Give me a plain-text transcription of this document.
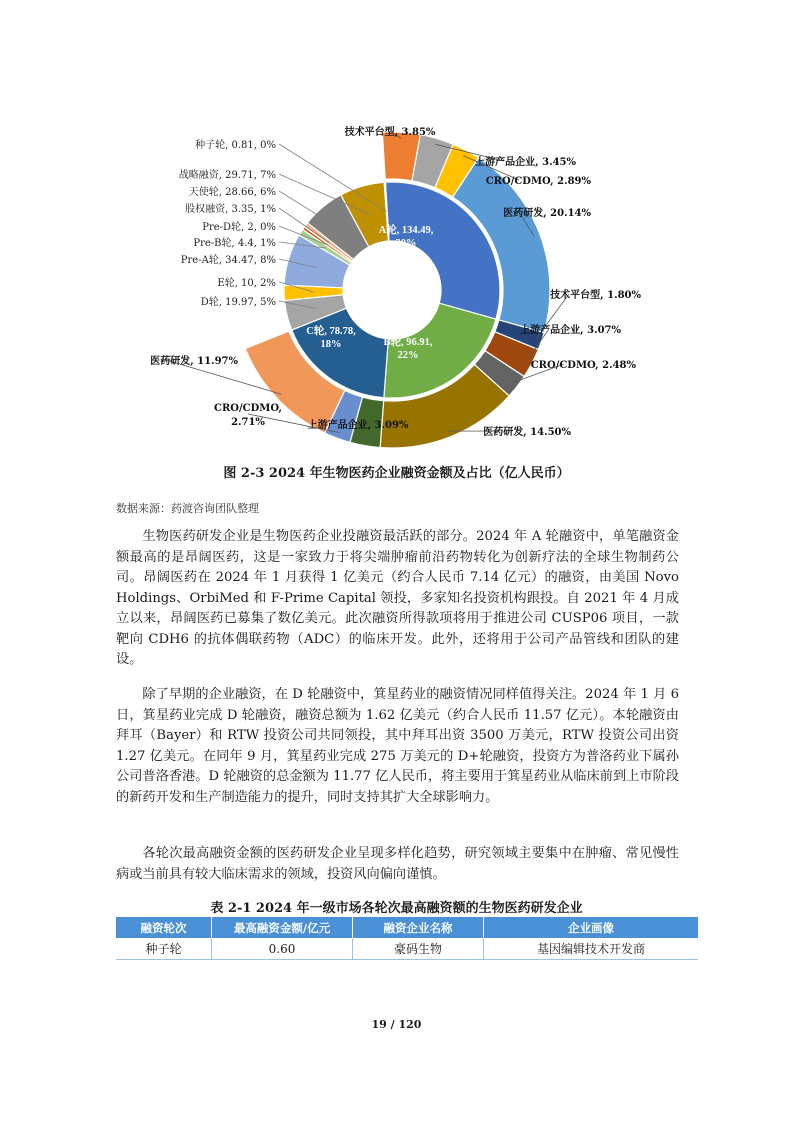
A轮, 134.49,
30%
B轮, 96.91,
22%
C轮, 78.78,
18%
D轮, 19.97, 5%
E轮, 10, 2%
Pre-A轮, 34.47, 8%
Pre-B轮, 4.4, 1%
Pre-D轮, 2, 0%
股权融资, 3.35, 1%
天使轮, 28.66, 6%
战略融资, 29.71, 7%
种子轮, 0.81, 0%
技术平台型, 3.85%
上游产品企业, 3.45%
CRO/CDMO, 2.89%
医药研发, 20.14%
技术平台型, 1.80%
上游产品企业, 3.07%
CRO/CDMO, 2.48%
医药研发, 14.50%
上游产品企业, 3.09%
CRO/CDMO,
2.71%
医药研发, 11.97%
图 2-3 2024 年生物医药企业融资金额及占比（亿人民币）
数据来源：药渡咨询团队整理

生物医药研发企业是生物医药企业投融资最活跃的部分。2024 年 A 轮融资中，单笔融资金额最高的是昂阔医药，这是一家致力于将尖端肿瘤前沿药物转化为创新疗法的全球生物制药公司。昂阔医药在 2024 年 1 月获得 1 亿美元（约合人民币 7.14 亿元）的融资，由美国 Novo Holdings、OrbiMed 和 F-Prime Capital 领投，多家知名投资机构跟投。自 2021 年 4 月成立以来，昂阔医药已募集了数亿美元。此次融资所得款项将用于推进公司 CUSP06 项目，一款靶向 CDH6 的抗体偶联药物（ADC）的临床开发。此外，还将用于公司产品管线和团队的建设。

除了早期的企业融资，在 D 轮融资中，箕星药业的融资情况同样值得关注。2024 年 1 月 6 日，箕星药业完成 D 轮融资，融资总额为 1.62 亿美元（约合人民币 11.57 亿元）。本轮融资由拜耳（Bayer）和 RTW 投资公司共同领投，其中拜耳出资 3500 万美元，RTW 投资公司出资 1.27 亿美元。在同年 9 月，箕星药业完成 275 万美元的 D+轮融资，投资方为普洛药业下属孙公司普洛香港。D 轮融资的总金额为 11.77 亿人民币，将主要用于箕星药业从临床前到上市阶段的新药开发和生产制造能力的提升，同时支持其扩大全球影响力。

各轮次最高融资金额的医药研发企业呈现多样化趋势，研究领域主要集中在肿瘤、常见慢性病或当前具有较大临床需求的领域，投资风向偏向谨慎。

表 2-1 2024 年一级市场各轮次最高融资额的生物医药研发企业
融资轮次	最高融资金额/亿元	融资企业名称	企业画像
种子轮	0.60	豪码生物	基因编辑技术开发商
19 / 120
